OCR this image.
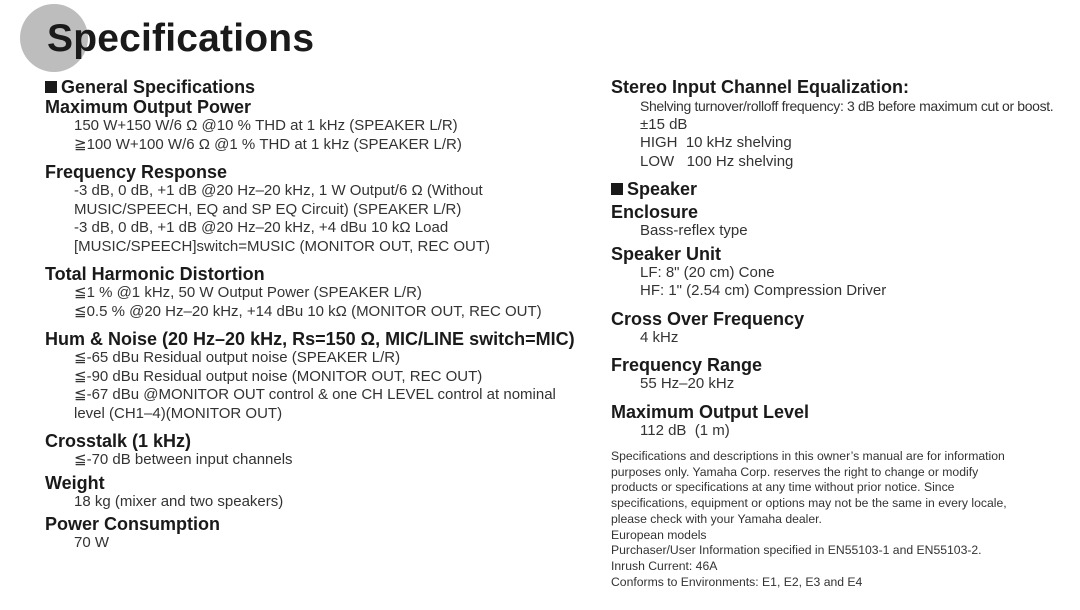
Specifications
General Specifications
Maximum Output Power

150 W+150 W/6 Ω @10 % THD at 1 kHz (SPEAKER L/R)

≧100 W+100 W/6 Ω @1 % THD at 1 kHz (SPEAKER L/R)

Frequency Response

-3 dB, 0 dB, +1 dB @20 Hz–20 kHz, 1 W Output/6 Ω (Without

MUSIC/SPEECH, EQ and SP EQ Circuit) (SPEAKER L/R)

-3 dB, 0 dB, +1 dB @20 Hz–20 kHz, +4 dBu 10 kΩ Load

[MUSIC/SPEECH]switch=MUSIC (MONITOR OUT, REC OUT)

Total Harmonic Distortion

≦1 % @1 kHz, 50 W Output Power (SPEAKER L/R)

≦0.5 % @20 Hz–20 kHz, +14 dBu 10 kΩ (MONITOR OUT, REC OUT)

Hum & Noise (20 Hz–20 kHz, Rs=150 Ω, MIC/LINE switch=MIC)

≦-65 dBu Residual output noise (SPEAKER L/R)

≦-90 dBu Residual output noise (MONITOR OUT, REC OUT)

≦-67 dBu @MONITOR OUT control & one CH LEVEL control at nominal

level (CH1–4)(MONITOR OUT)

Crosstalk (1 kHz)

≦-70 dB between input channels

Weight

18 kg (mixer and two speakers)

Power Consumption

70 W

Stereo Input Channel Equalization:

Shelving turnover/rolloff frequency: 3 dB before maximum cut or boost.

±15 dB

HIGH  10 kHz shelving

LOW   100 Hz shelving

Speaker
Enclosure

Bass-reflex type

Speaker Unit

LF: 8" (20 cm) Cone

HF: 1" (2.54 cm) Compression Driver

Cross Over Frequency

4 kHz

Frequency Range

55 Hz–20 kHz

Maximum Output Level

112 dB  (1 m)

Specifications and descriptions in this owner’s manual are for information

purposes only. Yamaha Corp. reserves the right to change or modify

products or specifications at any time without prior notice. Since

specifications, equipment or options may not be the same in every locale,

please check with your Yamaha dealer.

European models

Purchaser/User Information specified in EN55103-1 and EN55103-2.

Inrush Current: 46A

Conforms to Environments: E1, E2, E3 and E4
